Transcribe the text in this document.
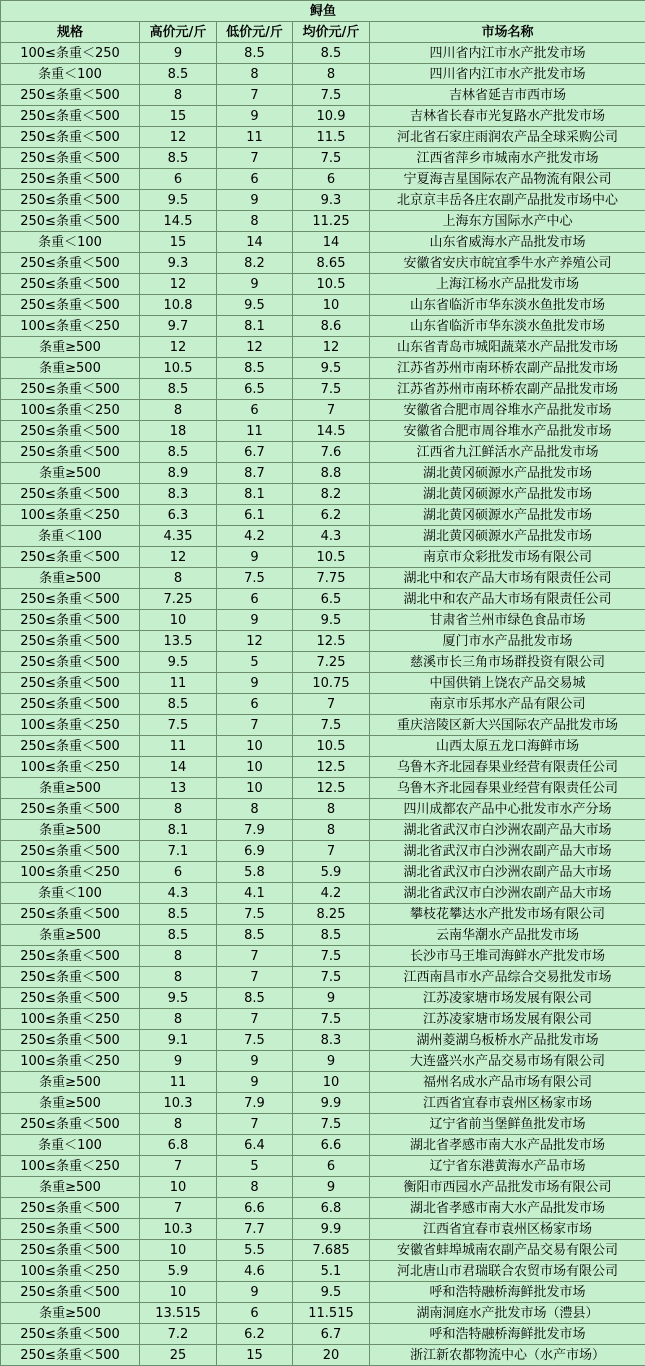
鲟鱼				
规格	高价元/斤	低价元/斤	均价元/斤	市场名称
100≤条重＜250	9	8.5	8.5	四川省内江市水产批发市场
条重＜100	8.5	8	8	四川省内江市水产批发市场
250≤条重＜500	8	7	7.5	吉林省延吉市西市场
250≤条重＜500	15	9	10.9	吉林省长春市光复路水产批发市场
250≤条重＜500	12	11	11.5	河北省石家庄雨润农产品全球采购公司
250≤条重＜500	8.5	7	7.5	江西省萍乡市城南水产批发市场
250≤条重＜500	6	6	6	宁夏海吉星国际农产品物流有限公司
250≤条重＜500	9.5	9	9.3	北京京丰岳各庄农副产品批发市场中心
250≤条重＜500	14.5	8	11.25	上海东方国际水产中心
条重＜100	15	14	14	山东省威海水产品批发市场
250≤条重＜500	9.3	8.2	8.65	安徽省安庆市皖宜季牛水产养殖公司
250≤条重＜500	12	9	10.5	上海江杨水产品批发市场
250≤条重＜500	10.8	9.5	10	山东省临沂市华东淡水鱼批发市场
100≤条重＜250	9.7	8.1	8.6	山东省临沂市华东淡水鱼批发市场
条重≥500	12	12	12	山东省青岛市城阳蔬菜水产品批发市场
条重≥500	10.5	8.5	9.5	江苏省苏州市南环桥农副产品批发市场
250≤条重＜500	8.5	6.5	7.5	江苏省苏州市南环桥农副产品批发市场
100≤条重＜250	8	6	7	安徽省合肥市周谷堆水产品批发市场
250≤条重＜500	18	11	14.5	安徽省合肥市周谷堆水产品批发市场
250≤条重＜500	8.5	6.7	7.6	江西省九江鲜活水产品批发市场
条重≥500	8.9	8.7	8.8	湖北黄冈硕源水产品批发市场
250≤条重＜500	8.3	8.1	8.2	湖北黄冈硕源水产品批发市场
100≤条重＜250	6.3	6.1	6.2	湖北黄冈硕源水产品批发市场
条重＜100	4.35	4.2	4.3	湖北黄冈硕源水产品批发市场
250≤条重＜500	12	9	10.5	南京市众彩批发市场有限公司
条重≥500	8	7.5	7.75	湖北中和农产品大市场有限责任公司
250≤条重＜500	7.25	6	6.5	湖北中和农产品大市场有限责任公司
250≤条重＜500	10	9	9.5	甘肃省兰州市绿色食品市场
250≤条重＜500	13.5	12	12.5	厦门市水产品批发市场
250≤条重＜500	9.5	5	7.25	慈溪市长三角市场群投资有限公司
250≤条重＜500	11	9	10.75	中国供销上饶农产品交易城
250≤条重＜500	8.5	6	7	南京市乐邦水产品有限公司
100≤条重＜250	7.5	7	7.5	重庆涪陵区新大兴国际农产品批发市场
250≤条重＜500	11	10	10.5	山西太原五龙口海鲜市场
100≤条重＜250	14	10	12.5	乌鲁木齐北园春果业经营有限责任公司
条重≥500	13	10	12.5	乌鲁木齐北园春果业经营有限责任公司
250≤条重＜500	8	8	8	四川成都农产品中心批发市水产分场
条重≥500	8.1	7.9	8	湖北省武汉市白沙洲农副产品大市场
250≤条重＜500	7.1	6.9	7	湖北省武汉市白沙洲农副产品大市场
100≤条重＜250	6	5.8	5.9	湖北省武汉市白沙洲农副产品大市场
条重＜100	4.3	4.1	4.2	湖北省武汉市白沙洲农副产品大市场
250≤条重＜500	8.5	7.5	8.25	攀枝花攀达水产批发市场有限公司
条重≥500	8.5	8.5	8.5	云南华潮水产品批发市场
250≤条重＜500	8	7	7.5	长沙市马王堆司海鲜水产批发市场
250≤条重＜500	8	7	7.5	江西南昌市水产品综合交易批发市场
250≤条重＜500	9.5	8.5	9	江苏凌家塘市场发展有限公司
100≤条重＜250	8	7	7.5	江苏凌家塘市场发展有限公司
250≤条重＜500	9.1	7.5	8.3	湖州菱湖乌板桥水产品批发市场
100≤条重＜250	9	9	9	大连盛兴水产品交易市场有限公司
条重≥500	11	9	10	福州名成水产品市场有限公司
条重≥500	10.3	7.9	9.9	江西省宜春市袁州区杨家市场
250≤条重＜500	8	7	7.5	辽宁省前当堡鲜鱼批发市场
条重＜100	6.8	6.4	6.6	湖北省孝感市南大水产品批发市场
100≤条重＜250	7	5	6	辽宁省东港黄海水产品市场
条重≥500	10	8	9	衡阳市西园水产品批发市场有限公司
250≤条重＜500	7	6.6	6.8	湖北省孝感市南大水产品批发市场
250≤条重＜500	10.3	7.7	9.9	江西省宜春市袁州区杨家市场
250≤条重＜500	10	5.5	7.685	安徽省蚌埠城南农副产品交易有限公司
100≤条重＜250	5.9	4.6	5.1	河北唐山市君瑞联合农贸市场有限公司
250≤条重＜500	10	9	9.5	呼和浩特融桥海鲜批发市场
条重≥500	13.515	6	11.515	湖南洞庭水产批发市场（澧县）
250≤条重＜500	7.2	6.2	6.7	呼和浩特融桥海鲜批发市场
250≤条重＜500	25	15	20	浙江新农都物流中心（水产市场）
